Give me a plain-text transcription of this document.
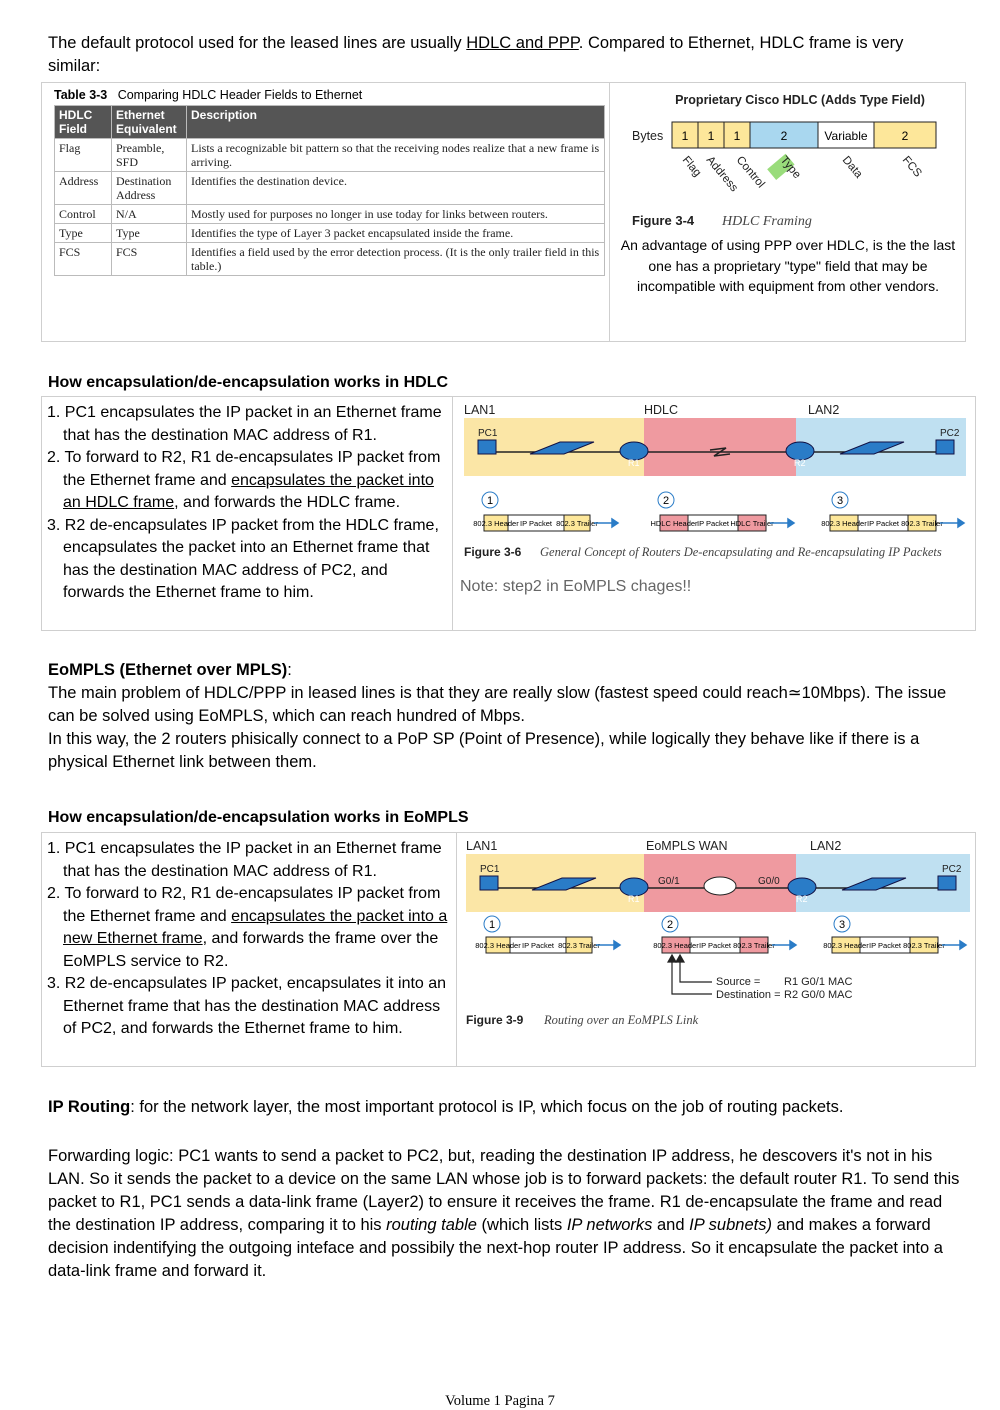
The default protocol used for the leased lines are usually HDLC and PPP. Compared to Ethernet, HDLC frame is very similar:
Table 3-3 Comparing HDLC Header Fields to Ethernet
HDLC Field	Ethernet Equivalent	Description
Flag	Preamble, SFD	Lists a recognizable bit pattern so that the receiving nodes realize that a new frame is arriving.
Address	Destination Address	Identifies the destination device.
Control	N/A	Mostly used for purposes no longer in use today for links between routers.
Type	Type	Identifies the type of Layer 3 packet encapsulated inside the frame.
FCS	FCS	Identifies a field used by the error detection process. (It is the only trailer field in this table.)
Proprietary Cisco HDLC (Adds Type Field)
Bytes 1 1 1	2	Variable	2
Flag Address
Control Type	Data	FCS
Figure 3-4 HDLC Framing
An advantage of using PPP over HDLC, is the the last one has a proprietary "type" field that may be incompatible with equipment from other vendors.
How encapsulation/de-encapsulation works in HDLC
1. PC1 encapsulates the IP packet in an Ethernet frame that has the destination MAC address of R1.
2. To forward to R2, R1 de-encapsulates IP packet from the Ethernet frame and encapsulates the packet into an HDLC frame, and forwards the HDLC frame.
3. R2 de-encapsulates IP packet from the HDLC frame, encapsulates the packet into an Ethernet frame that has the destination MAC address of PC2, and forwards the Ethernet frame to him.
LAN1	HDLC	LAN2
PC1	PC2
R1	R2
1	2	3
802.3 Header IP Packet 802.3 Trailer	HDLC Header IP Packet HDLC Trailer	802.3 Header IP Packet 802.3 Trailer
Figure 3-6 General Concept of Routers De-encapsulating and Re-encapsulating IP Packets
Note: step2 in EoMPLS chages!!
EoMPLS (Ethernet over MPLS):
The main problem of HDLC/PPP in leased lines is that they are really slow (fastest speed could reach≃10Mbps). The issue can be solved using EoMPLS, which can reach hundred of Mbps.
In this way, the 2 routers phisically connect to a PoP SP (Point of Presence), while logically they behave like if there is a physical Ethernet link between them.
How encapsulation/de-encapsulation works in EoMPLS
1. PC1 encapsulates the IP packet in an Ethernet frame that has the destination MAC address of R1.
2. To forward to R2, R1 de-encapsulates IP packet from the Ethernet frame and encapsulates the packet into a new Ethernet frame, and forwards the frame over the EoMPLS service to R2.
3. R2 de-encapsulates IP packet, encapsulates it into an Ethernet frame that has the destination MAC address of PC2, and forwards the Ethernet frame to him.
LAN1	EoMPLS WAN	LAN2
PC1	PC2
G0/1	G0/0
R1	R2
1	2	3
802.3 Header IP Packet 802.3 Trailer	802.3 Header IP Packet 802.3 Trailer	802.3 Header IP Packet 802.3 Trailer
Source = R1 G0/1 MAC
Destination = R2 G0/0 MAC
Figure 3-9 Routing over an EoMPLS Link
IP Routing: for the network layer, the most important protocol is IP, which focus on the job of routing packets.
Forwarding logic: PC1 wants to send a packet to PC2, but, reading the destination IP address, he descovers it's not in his LAN. So it sends the packet to a device on the same LAN whose job is to forward packets: the default router R1. To send this packet to R1, PC1 sends a data-link frame (Layer2) to ensure it receives the frame. R1 de-encapsulate the frame and read the destination IP address, comparing it to his routing table (which lists IP networks and IP subnets) and makes a forward decision indentifying the outgoing inteface and possibily the next-hop router IP address. So it encapsulate the packet into a data-link frame and forward it.
Volume 1 Pagina 7
